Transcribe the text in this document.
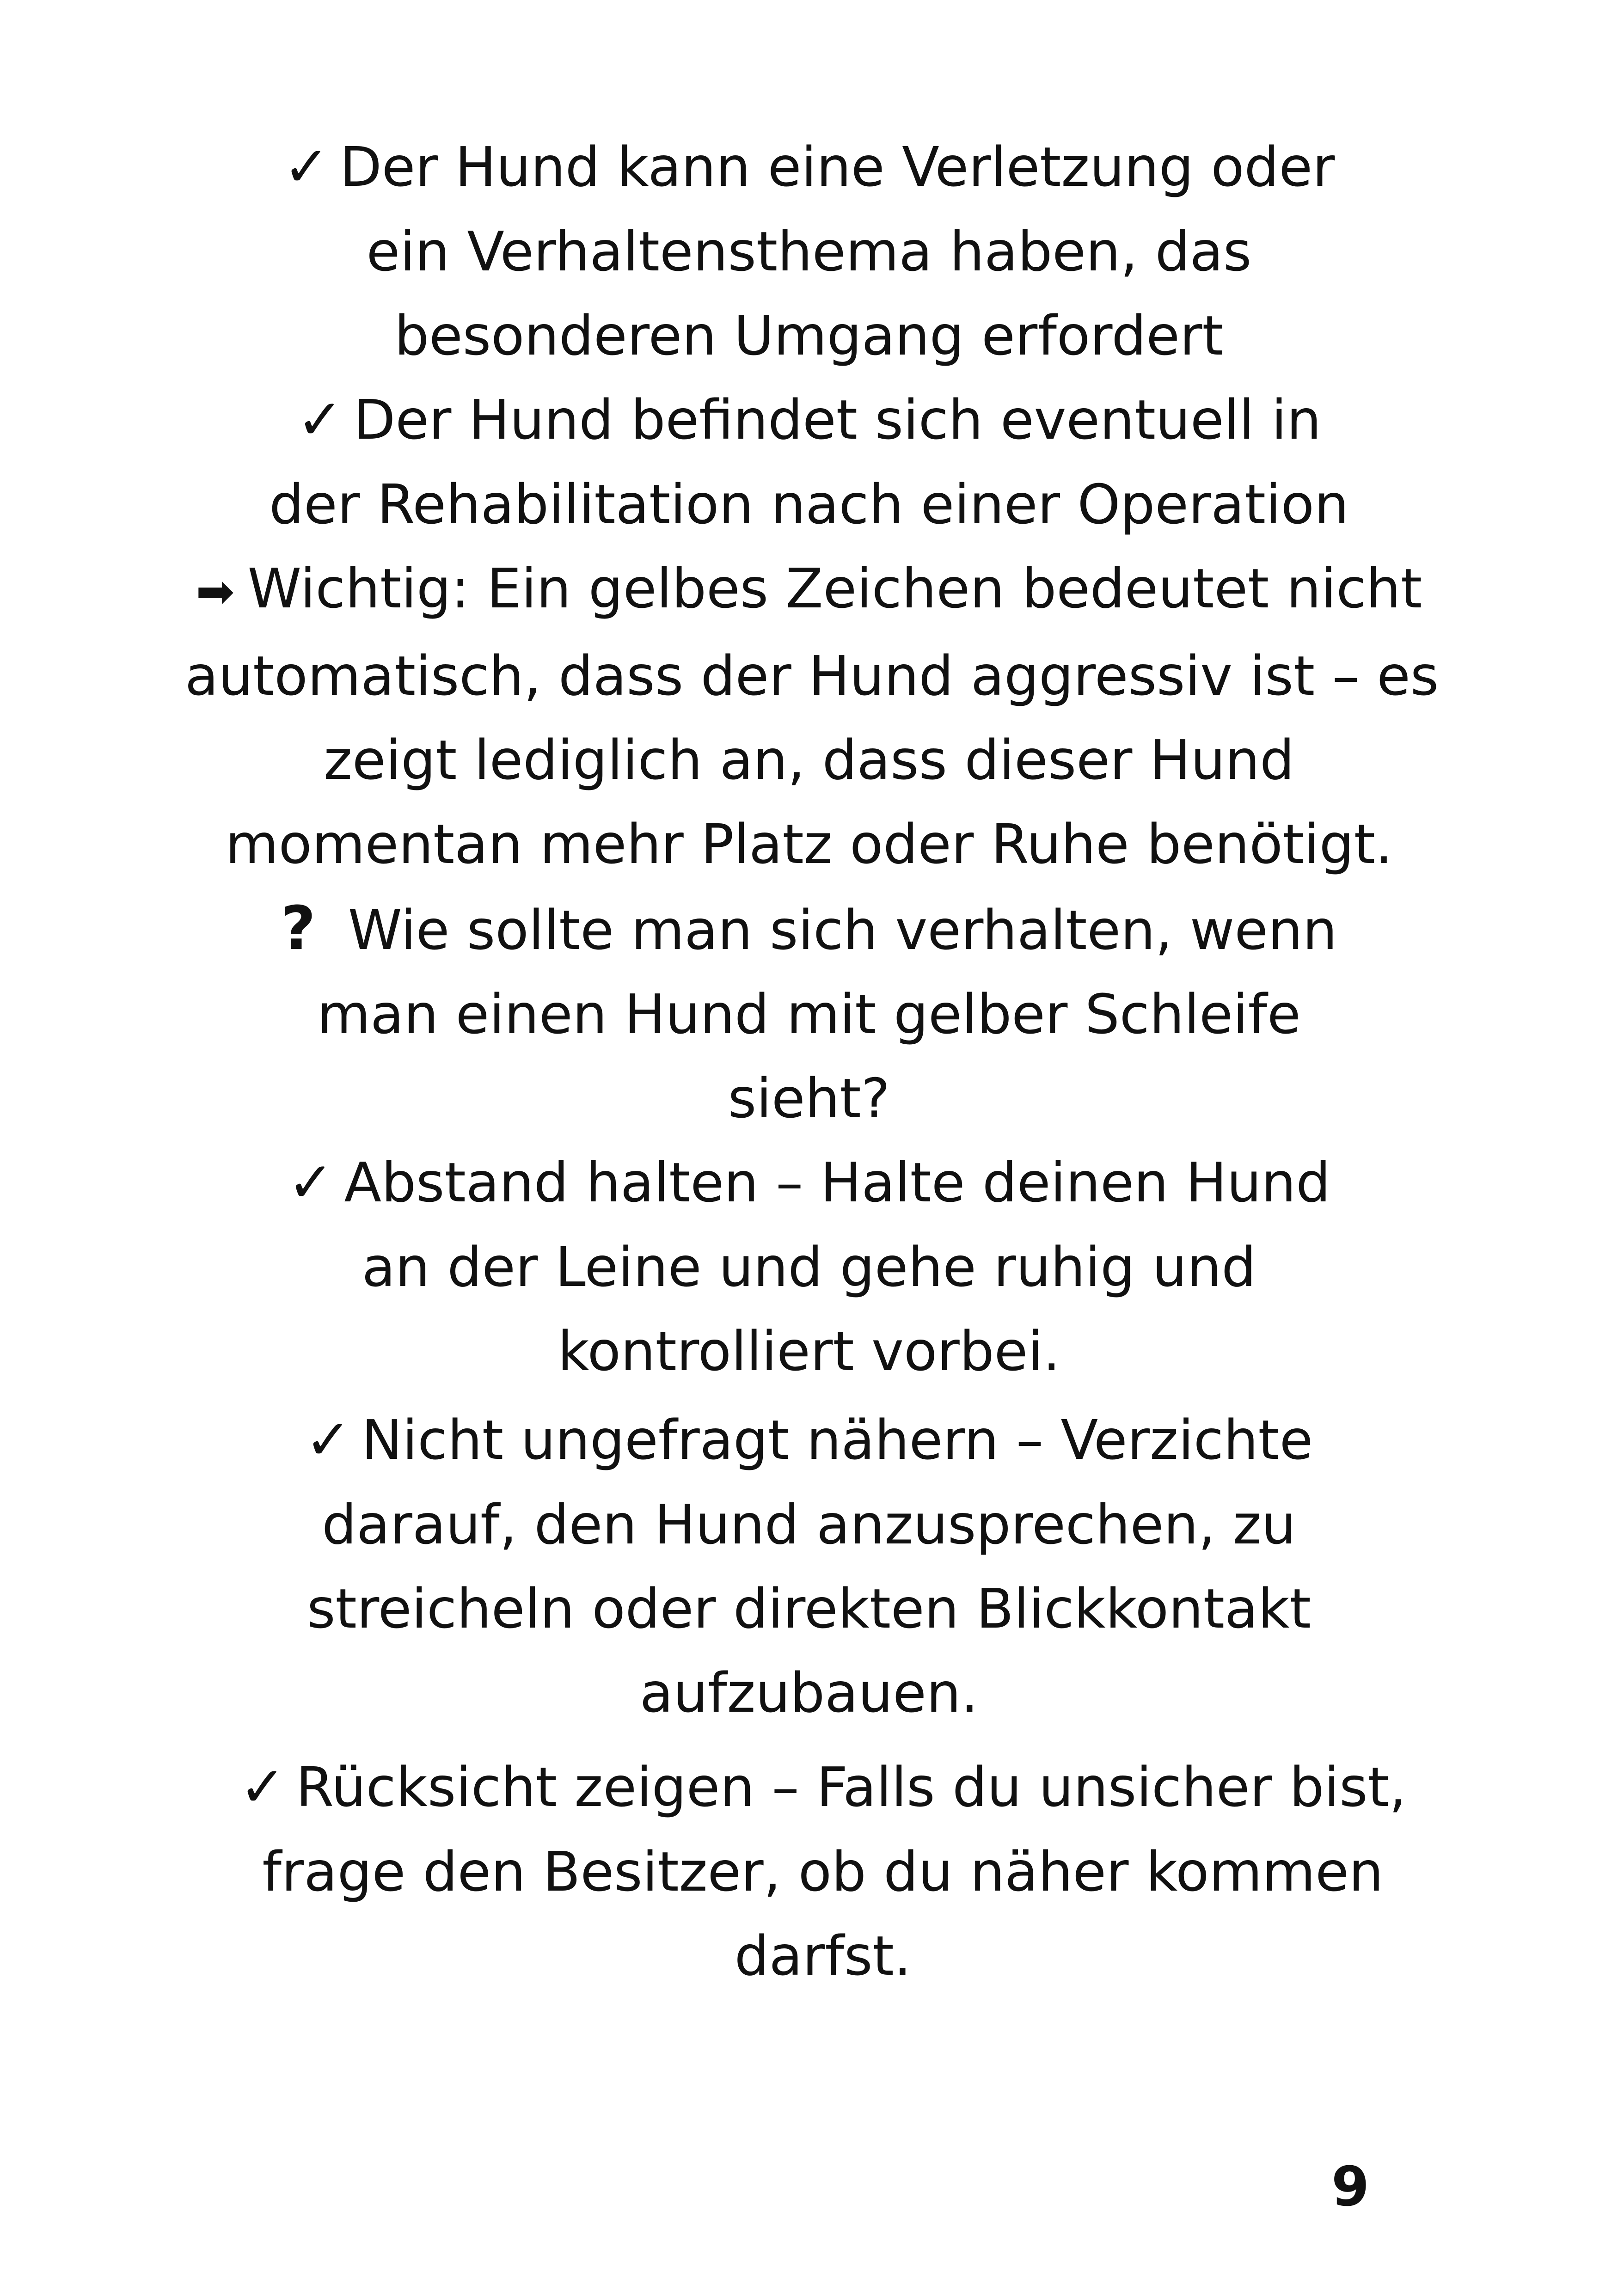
✓ Der Hund kann eine Verletzung oder
ein Verhaltensthema haben, das
besonderen Umgang erfordert

✓ Der Hund befindet sich eventuell in
der Rehabilitation nach einer Operation

➡ Wichtig: Ein gelbes Zeichen bedeutet nicht
automatisch, dass der Hund aggressiv ist – es
zeigt lediglich an, dass dieser Hund
momentan mehr Platz oder Ruhe benötigt.

? Wie sollte man sich verhalten, wenn
man einen Hund mit gelber Schleife
sieht?

✓ Abstand halten – Halte deinen Hund
an der Leine und gehe ruhig und
kontrolliert vorbei.

✓ Nicht ungefragt nähern – Verzichte
darauf, den Hund anzusprechen, zu
streicheln oder direkten Blickkontakt
aufzubauen.

✓ Rücksicht zeigen – Falls du unsicher bist,
frage den Besitzer, ob du näher kommen
darfst.

9
